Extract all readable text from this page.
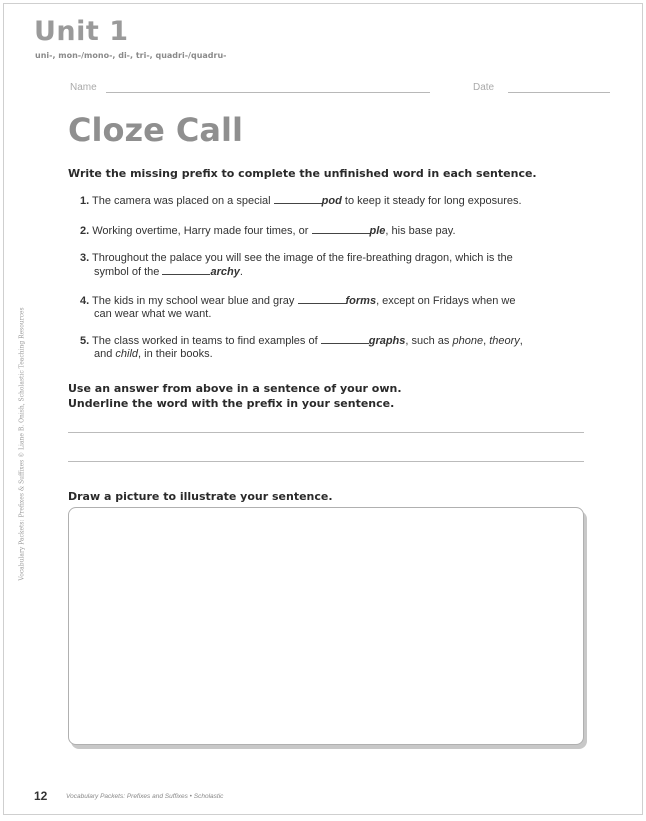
Unit 1
uni-, mon-/mono-, di-, tri-, quadri-/quadru-
Name	Date
Cloze Call
Write the missing prefix to complete the unfinished word in each sentence.
1. The camera was placed on a special	pod to keep it steady for long exposures.
2. Working overtime, Harry made four times, or	ple, his base pay.
3. Throughout the palace you will see the image of the fire-breathing dragon, which is the
symbol of the	archy.
4. The kids in my school wear blue and gray	forms, except on Fridays when we
can wear what we want.
5. The class worked in teams to find examples of	graphs, such as phone, theory,
and child, in their books.
Use an answer from above in a sentence of your own.
Underline the word with the prefix in your sentence.
Draw a picture to illustrate your sentence.
Vocabulary Packets: Prefixes & Suffixes © Liane B. Onish, Scholastic Teaching Resources
12	Vocabulary Packets: Prefixes and Suffixes • Scholastic
